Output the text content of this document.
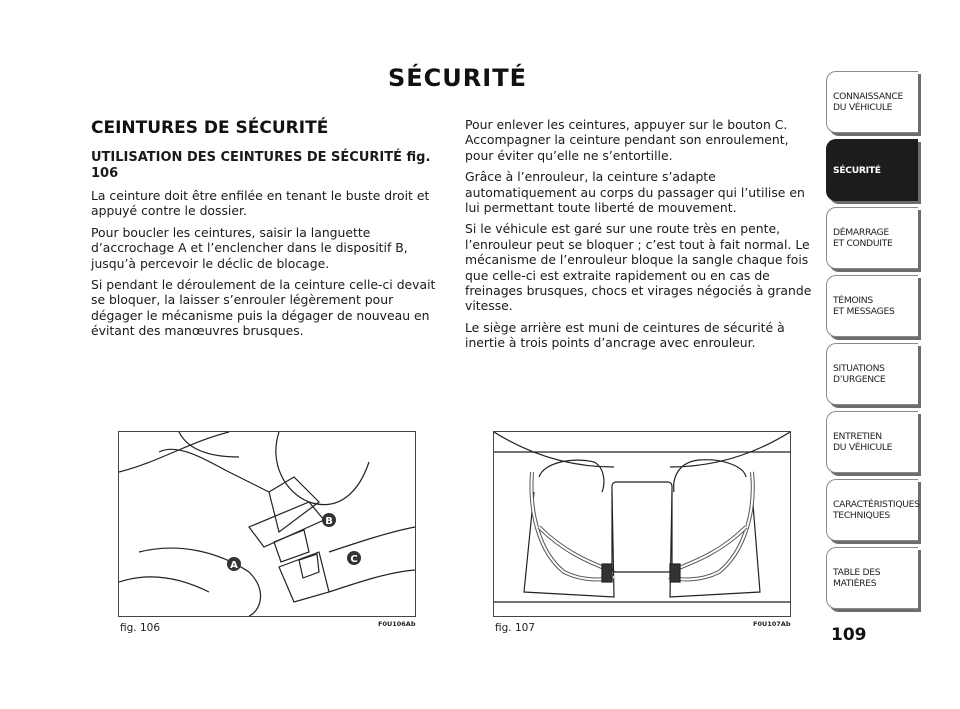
SÉCURITÉ
CEINTURES DE SÉCURITÉ

UTILISATION DES CEINTURES DE SÉCURITÉ fig. 106

La ceinture doit être enfilée en tenant le buste droit et appuyé contre le dossier.

Pour boucler les ceintures, saisir la languette d’accrochage A et l’enclencher dans le dispositif B, jusqu’à percevoir le déclic de blocage.

Si pendant le déroulement de la ceinture celle-ci devait se bloquer, la laisser s’enrouler légèrement pour dégager le mécanisme puis la dégager de nouveau en évitant des manœuvres brusques.

Pour enlever les ceintures, appuyer sur le bouton C. Accompagner la ceinture pendant son enroulement, pour éviter qu’elle ne s’entortille.

Grâce à l’enrouleur, la ceinture s’adapte automatiquement au corps du passager qui l’utilise en lui permettant toute liberté de mouvement.

Si le véhicule est garé sur une route très en pente, l’enrouleur peut se bloquer ; c’est tout à fait normal. Le mécanisme de l’enrouleur bloque la sangle chaque fois que celle-ci est extraite rapidement ou en cas de freinages brusques, chocs et virages négociés à grande vitesse.

Le siège arrière est muni de ceintures de sécurité à inertie à trois points d’ancrage avec enrouleur.

CONNAISSANCE
DU VÉHICULE
SÉCURITÉ
DÉMARRAGE
ET CONDUITE
TÉMOINS
ET MESSAGES
SITUATIONS
D’URGENCE
ENTRETIEN
DU VÉHICULE
CARACTÉRISTIQUES
TECHNIQUES
TABLE DES
MATIÈRES
109
A
B
C
fig. 106	F0U106Ab	fig. 107	F0U107Ab
